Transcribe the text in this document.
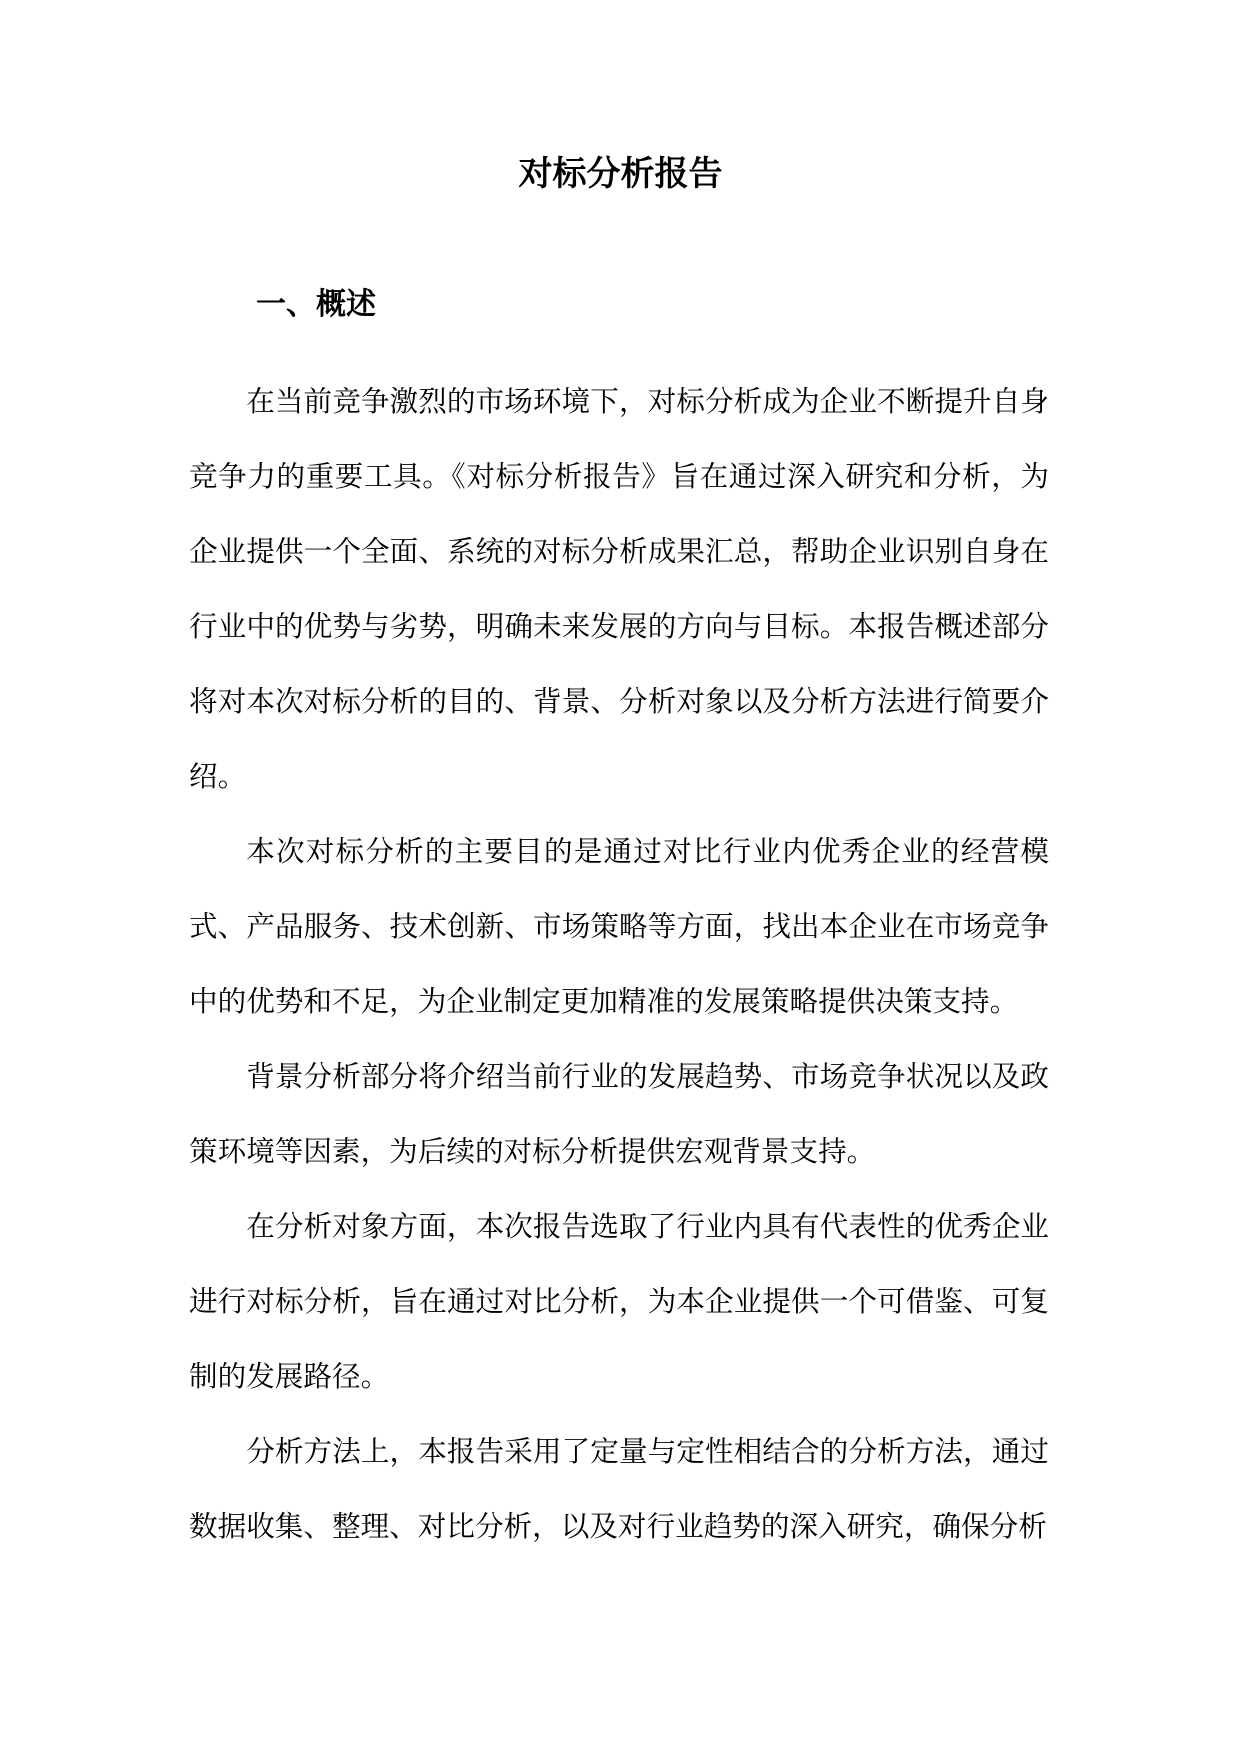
对标分析报告
一、概述

在当前竞争激烈的市场环境下，对标分析成为企业不断提升自身竞争力的重要工具。《对标分析报告》旨在通过深入研究和分析，为企业提供一个全面、系统的对标分析成果汇总，帮助企业识别自身在行业中的优势与劣势，明确未来发展的方向与目标。本报告概述部分将对本次对标分析的目的、背景、分析对象以及分析方法进行简要介绍。

本次对标分析的主要目的是通过对比行业内优秀企业的经营模式、产品服务、技术创新、市场策略等方面，找出本企业在市场竞争中的优势和不足，为企业制定更加精准的发展策略提供决策支持。

背景分析部分将介绍当前行业的发展趋势、市场竞争状况以及政策环境等因素，为后续的对标分析提供宏观背景支持。

在分析对象方面，本次报告选取了行业内具有代表性的优秀企业进行对标分析，旨在通过对比分析，为本企业提供一个可借鉴、可复制的发展路径。

分析方法上，本报告采用了定量与定性相结合的分析方法，通过数据收集、整理、对比分析，以及对行业趋势的深入研究，确保分析
